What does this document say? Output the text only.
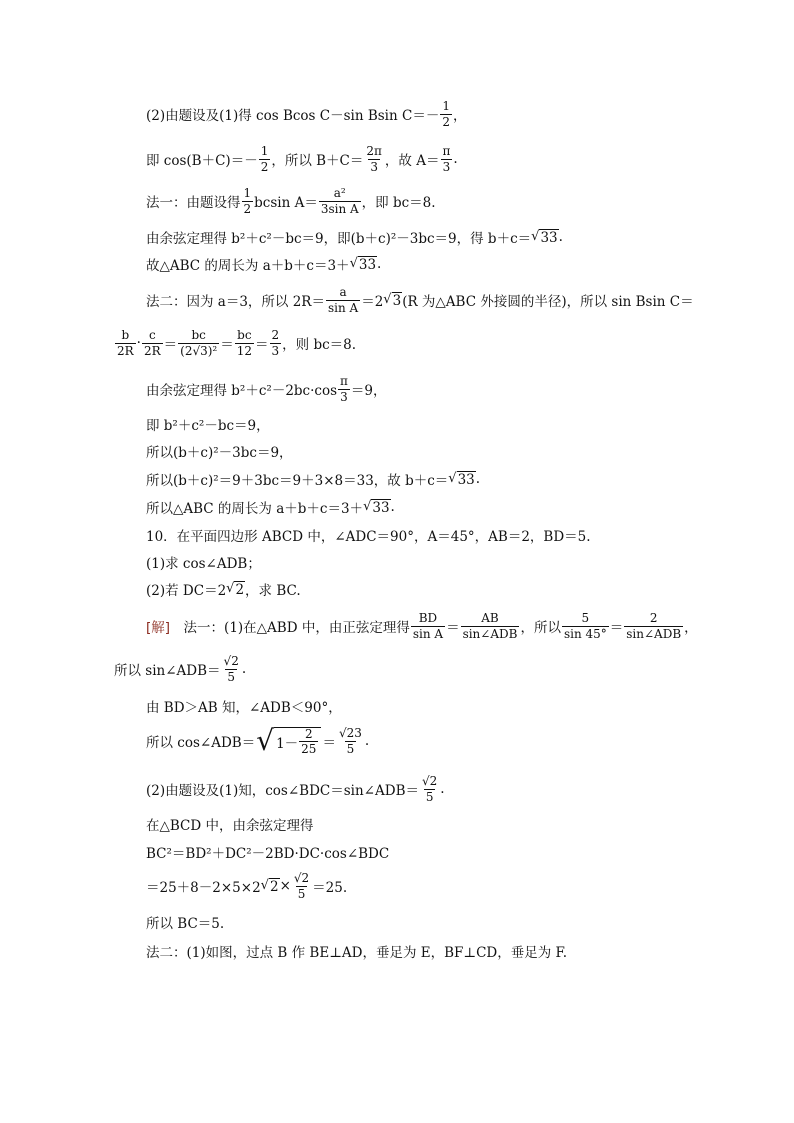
(2)由题设及(1)得 cos Bcos C－sin Bsin $C=- \frac{1}{2}$ ，
即 $\cos(B+C)=- \frac{1}{2}$ ，所以 $B+C= \frac{2\pi}{3}$ ，故 $A= \frac{\pi}{3}$ .
法一：由题设得 $\frac{1}{2}$ bcsin $A= \frac{\text{a²}}{\text{3sin A}}$ ，即 bc＝8.
由余弦定理得 b²＋c²－bc＝9，即(b＋c)²－3bc＝9，得 b＋c＝ √ 33 .
故△ABC 的周长为 a＋b＋c＝3＋ √ 33 .
法二：因为 a＝3，所以 $2R= \frac{a}{\text{sin A}} =2$ √ 3 (R 为△ABC 外接圆的半径)，所以 sin Bsin C＝
$\frac{b}{2R} \cdot \frac{c}{2R} = \frac{bc}{\text{(2√3)²}} = \frac{bc}{12} = \frac{2}{3}$ ，则 bc＝8.
由余弦定理得 $b^2+c^2-2bc\cdot\cos \frac{\pi}{3} =9$，
即 b²＋c²－bc＝9，
所以(b＋c)²－3bc＝9，
所以(b＋c)²＝9＋3bc＝9＋3×8＝33，故 b＋c＝ √ 33 .
所以△ABC 的周长为 a＋b＋c＝3＋ √ 33 .
10．在平面四边形 ABCD 中，∠ADC＝90°，A＝45°，AB＝2，BD＝5.
(1)求 cos∠ADB；
(2)若 DC＝2 √ 2 ，求 BC.
[解] 　法一：(1)在△ABD 中，由正弦定理得 $\frac{BD}{\text{sin A}} = \frac{AB}{\text{sin∠ADB}}$ ，所以 $\frac{5}{\sin 45^\circ} = \frac{2}{\text{sin∠ADB}}$ ，
所以 sin∠ADB＝ $\frac{√2}{5}$ .
由 BD＞AB 知，∠ADB＜90°，
所以 cos∠ADB＝ √ $1- \frac{2}{25} = \frac{√23}{5}$ .
(2)由题设及(1)知，cos∠BDC＝sin∠ADB＝ $\frac{√2}{5}$ .
在△BCD 中，由余弦定理得
BC²＝BD²＋DC²－2BD·DC·cos∠BDC
＝25＋8－2×5×2 √ $2 \times \frac{√2}{5} =25$.
所以 BC＝5.
法二：(1)如图，过点 B 作 BE⊥AD，垂足为 E，BF⊥CD，垂足为 F.
